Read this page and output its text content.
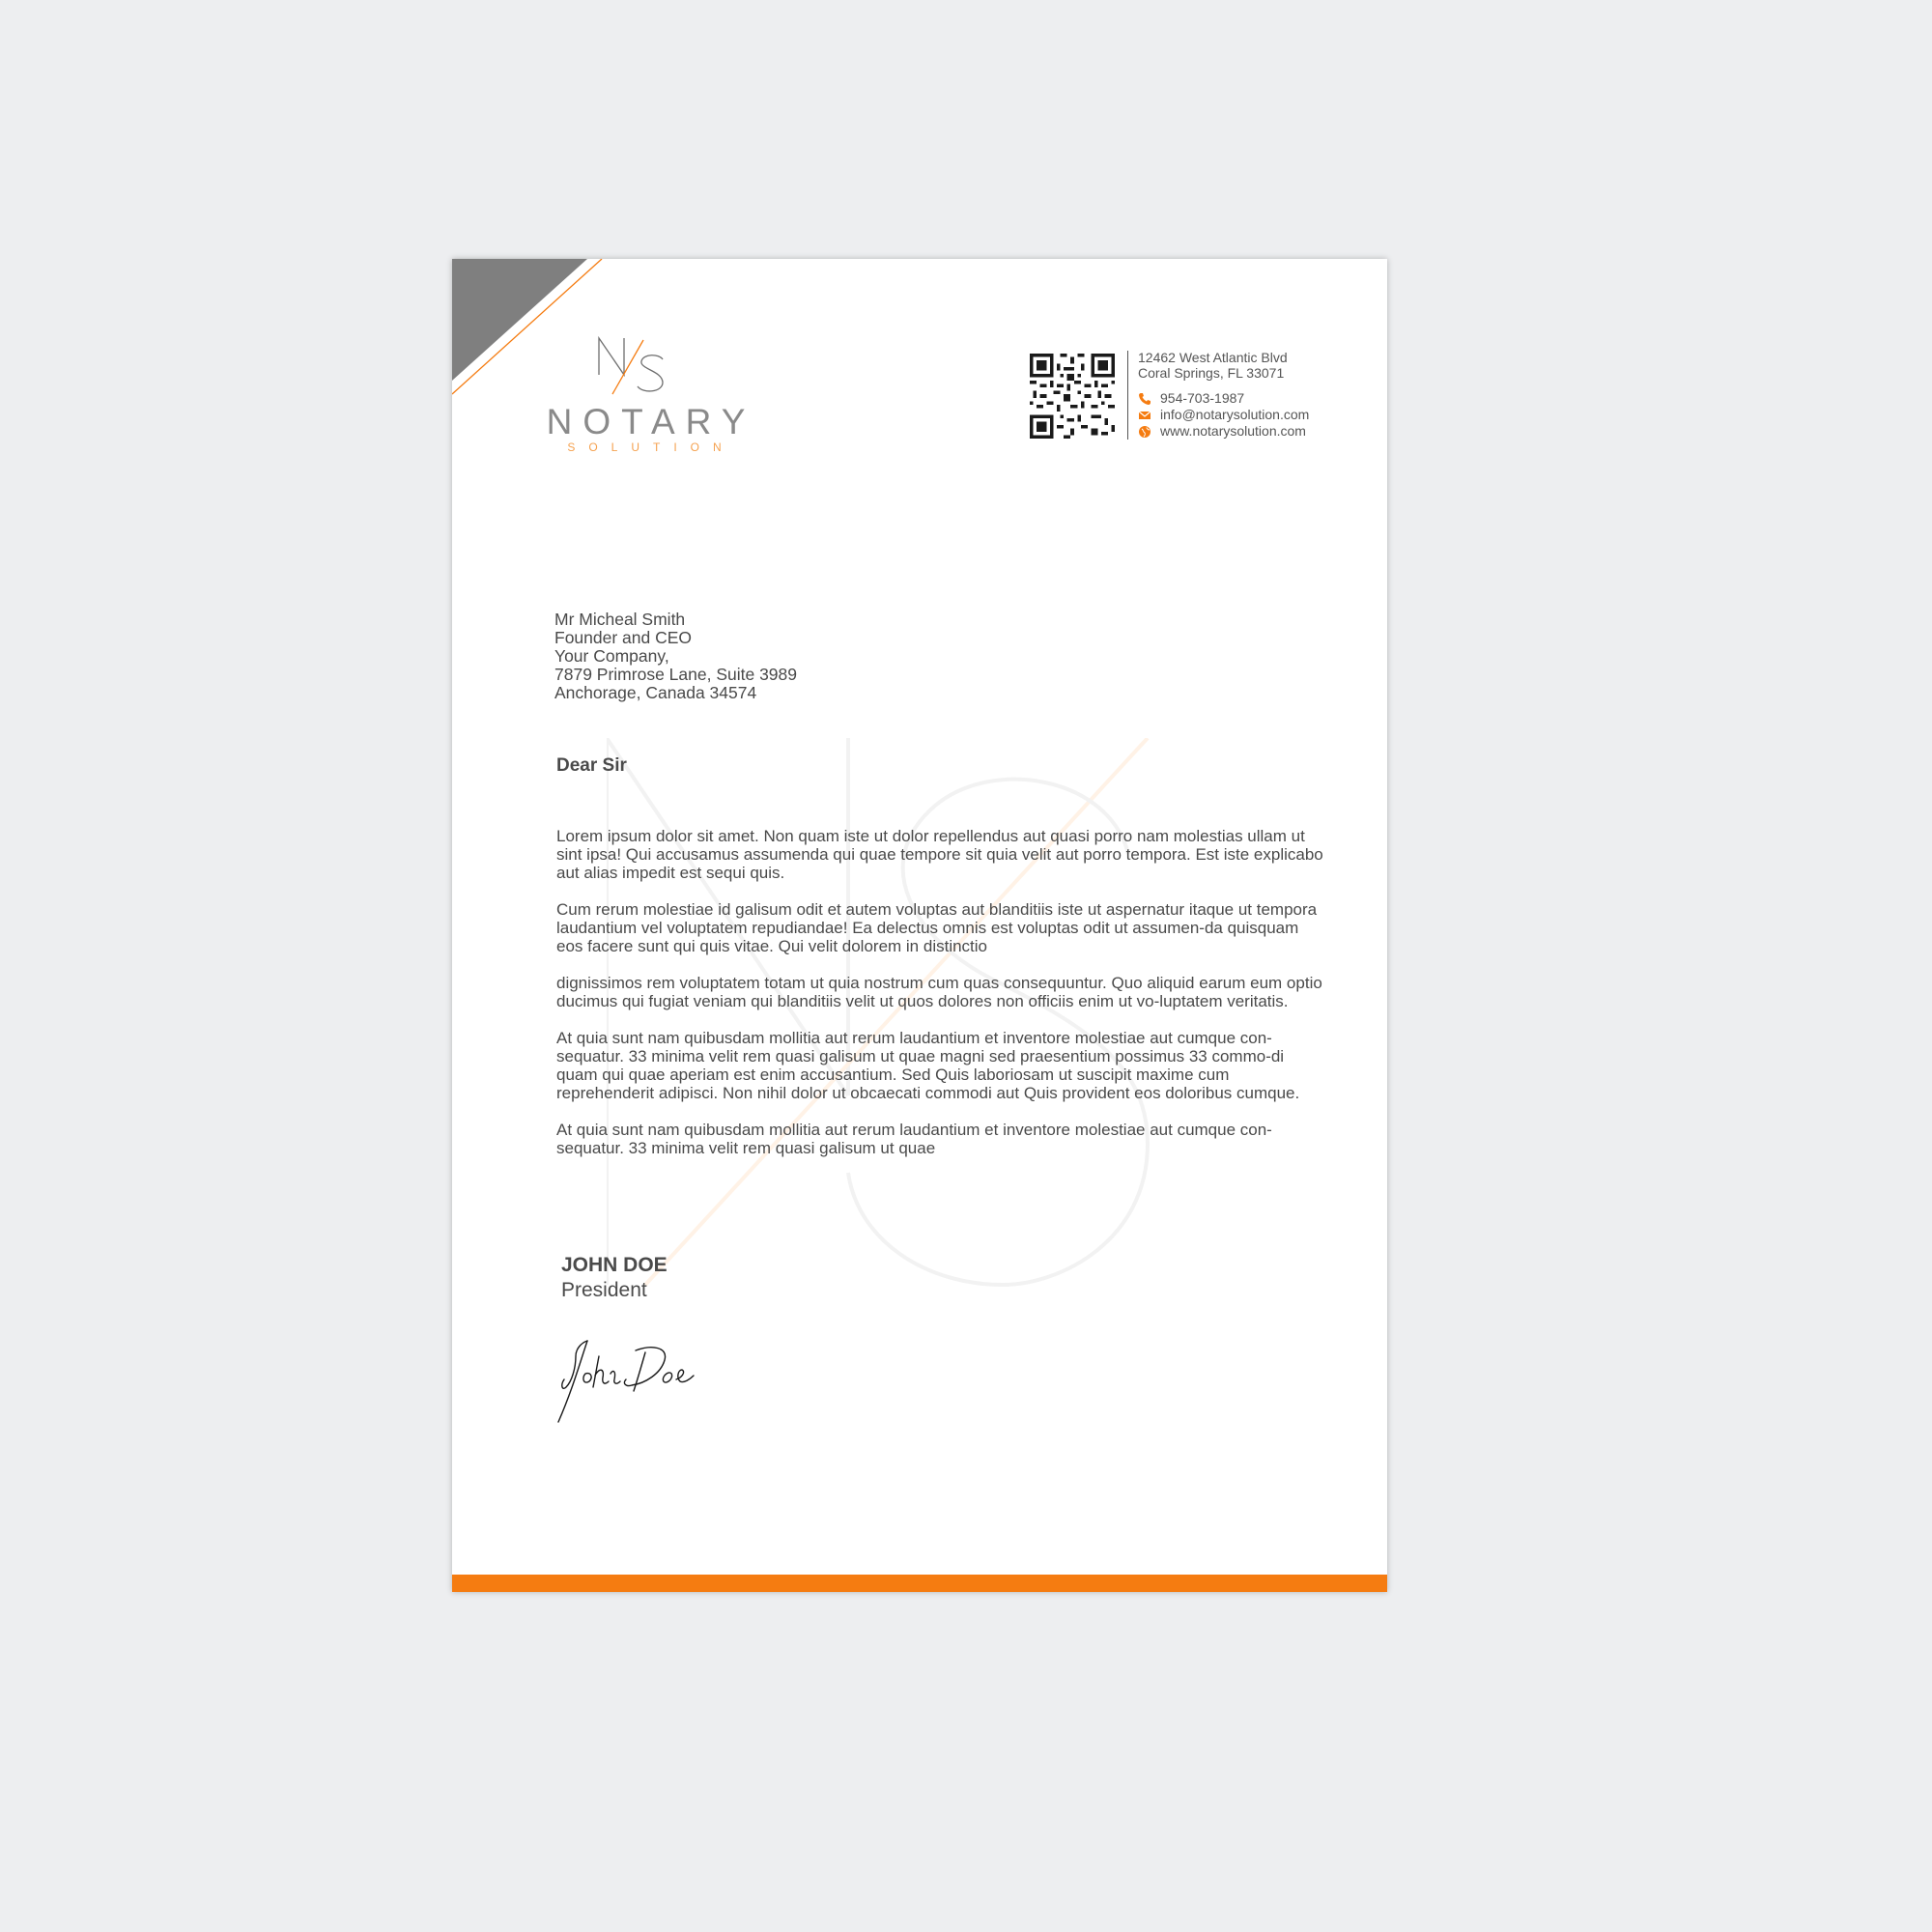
NOTARY
SOLUTION
12462 West Atlantic Blvd
Coral Springs, FL 33071
954-703-1987
info@notarysolution.com
www.notarysolution.com
Mr Micheal Smith
Founder and CEO
Your Company,
7879 Primrose Lane, Suite 3989
Anchorage, Canada 34574
Dear Sir

Lorem ipsum dolor sit amet. Non quam iste ut dolor repellendus aut quasi porro nam molestias ullam ut sint ipsa! Qui accusamus assumenda qui quae tempore sit quia velit aut porro tempora. Est iste explicabo aut alias impedit est sequi quis.

Cum rerum molestiae id galisum odit et autem voluptas aut blanditiis iste ut aspernatur itaque ut tempora laudantium vel voluptatem repudiandae! Ea delectus omnis est voluptas odit ut assumen-da quisquam eos facere sunt qui quis vitae. Qui velit dolorem in distinctio

dignissimos rem voluptatem totam ut quia nostrum cum quas consequuntur. Quo aliquid earum eum optio ducimus qui fugiat veniam qui blanditiis velit ut quos dolores non officiis enim ut vo-luptatem veritatis.

At quia sunt nam quibusdam mollitia aut rerum laudantium et inventore molestiae aut cumque con-sequatur. 33 minima velit rem quasi galisum ut quae magni sed praesentium possimus 33 commo-di quam qui quae aperiam est enim accusantium. Sed Quis laboriosam ut suscipit maxime cum reprehenderit adipisci. Non nihil dolor ut obcaecati commodi aut Quis provident eos doloribus cumque.

At quia sunt nam quibusdam mollitia aut rerum laudantium et inventore molestiae aut cumque con-sequatur. 33 minima velit rem quasi galisum ut quae

JOHN DOE
President
